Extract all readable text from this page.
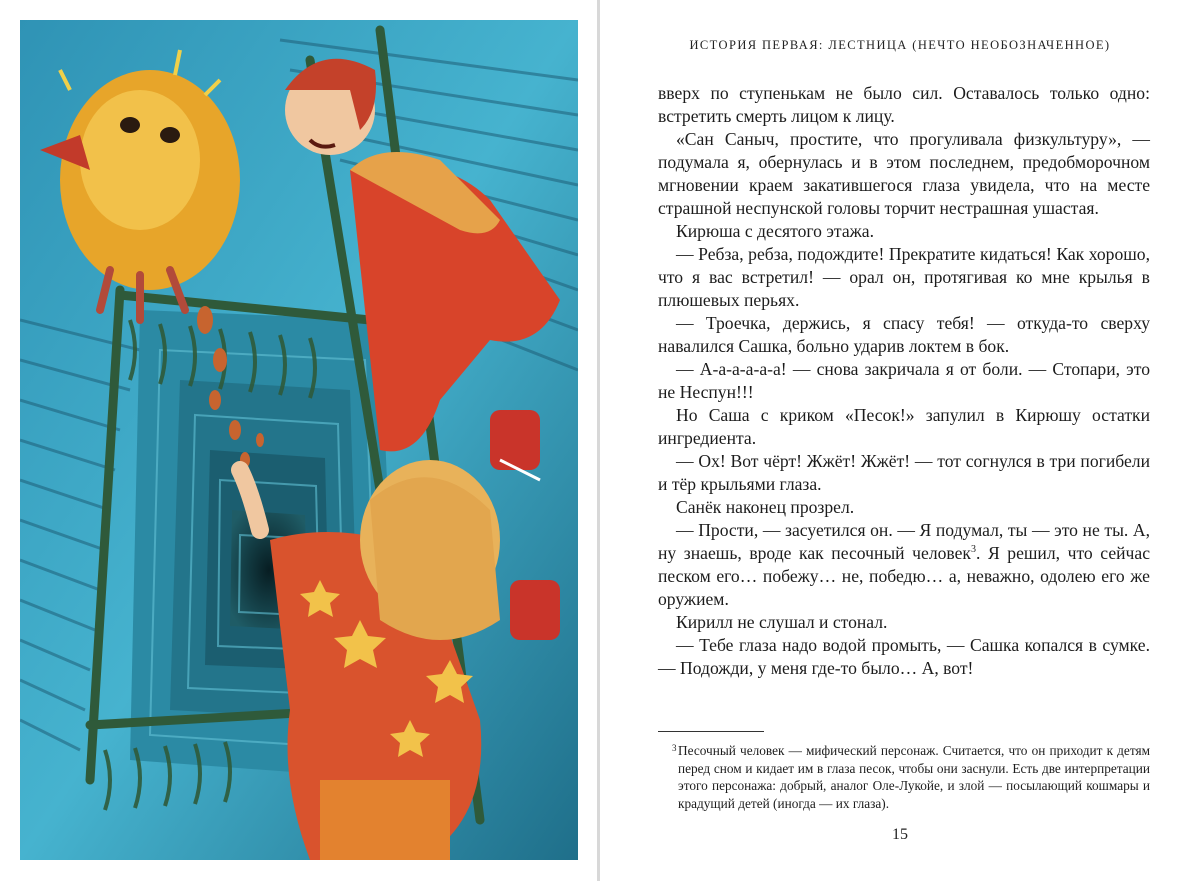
ИСТОРИЯ ПЕРВАЯ: ЛЕСТНИЦА (НЕЧТО НЕОБОЗНАЧЕННОЕ)

вверх по ступенькам не было сил. Оставалось только одно: встретить смерть лицом к лицу.

«Сан Саныч, простите, что прогуливала физкультуру», — подумала я, обернулась и в этом последнем, предобморочном мгновении краем закатившегося глаза увидела, что на месте страшной неспунской головы торчит нестрашная ушастая.

Кирюша с десятого этажа.

— Ребза, ребза, подождите! Прекратите кидаться! Как хорошо, что я вас встретил! — орал он, протягивая ко мне крылья в плюшевых перьях.

— Троечка, держись, я спасу тебя! — откуда-то сверху навалился Сашка, больно ударив локтем в бок.

— А-а-а-а-а-а! — снова закричала я от боли. — Стопари, это не Неспун!!!

Но Саша с криком «Песок!» запулил в Кирюшу остатки ингредиента.

— Ох! Вот чёрт! Жжёт! Жжёт! — тот согнулся в три погибели и тёр крыльями глаза.

Санёк наконец прозрел.

— Прости, — засуетился он. — Я подумал, ты — это не ты. А, ну знаешь, вроде как песочный человек$^3$. Я решил, что сейчас песком его… побежу… не, победю… а, неважно, одолею его же оружием.

Кирилл не слушал и стонал.

— Тебе глаза надо водой промыть, — Сашка копался в сумке. — Подожди, у меня где-то было… А, вот!

3 Песочный человек — мифический персонаж. Считается, что он приходит к детям перед сном и кидает им в глаза песок, чтобы они заснули. Есть две интерпретации этого персонажа: добрый, аналог Оле-Лукойе, и злой — посылающий кошмары и крадущий детей (иногда — их глаза).

15
